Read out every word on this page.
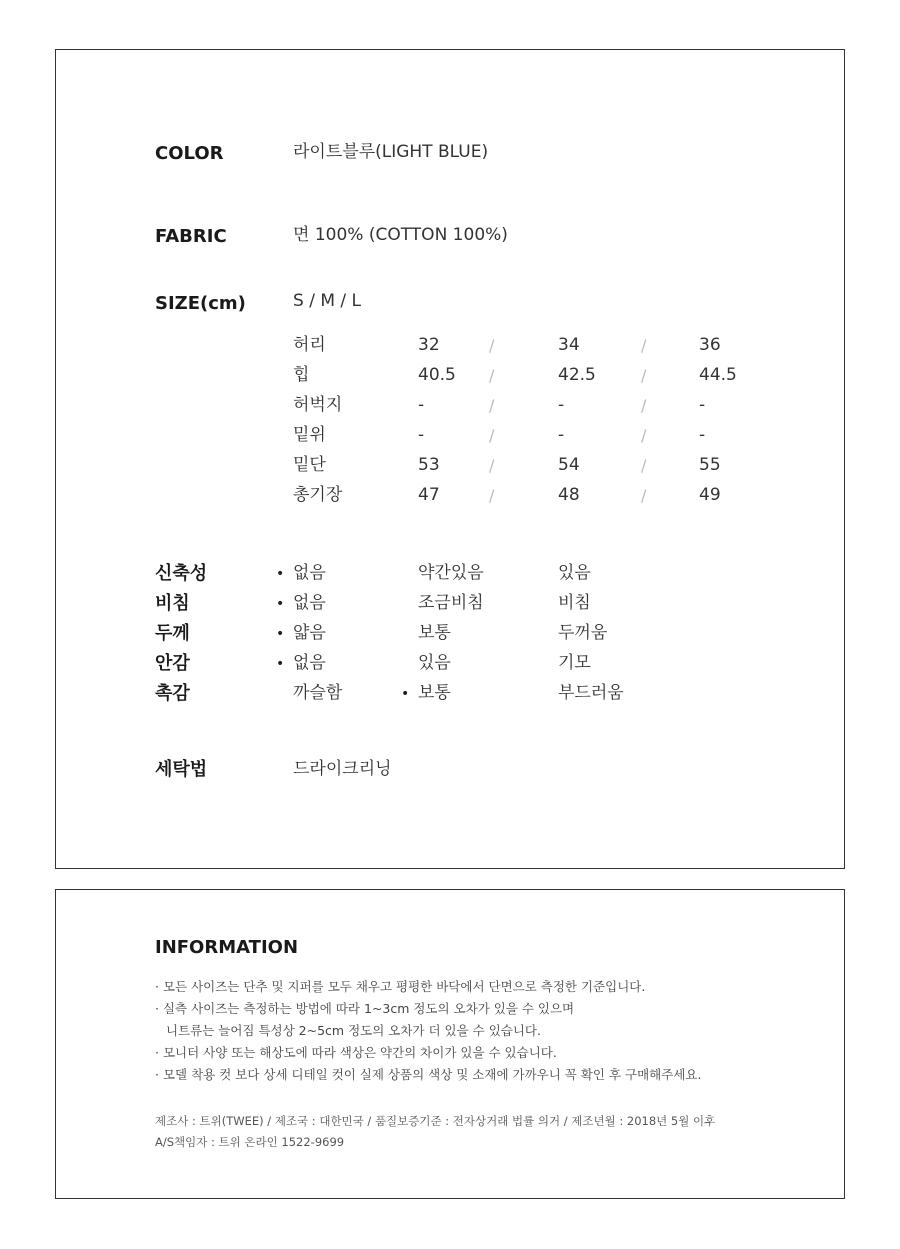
COLOR	라이트블루(LIGHT BLUE)
FABRIC	면 100% (COTTON 100%)
SIZE(cm)	S / M / L
허리	32	/	34	/	36
힙	40.5 /	42.5	/	44.5
허벅지	-	/	-	/	-
밑위	-	/	-	/	-
밑단	53	/	54	/	55
총기장	47	/	48	/	49
신축성	없음	약간있음	있음
•
비침	없음	조금비침	비침
•
두께	얇음	보통	두꺼움
•
안감	없음	있음	기모
•
촉감	까슬함	보통	부드러움
•
세탁법	드라이크리닝
INFORMATION
· 모든 사이즈는 단추 및 지퍼를 모두 채우고 평평한 바닥에서 단면으로 측정한 기준입니다.
· 실측 사이즈는 측정하는 방법에 따라 1~3cm 정도의 오차가 있을 수 있으며
니트류는 늘어짐 특성상 2~5cm 정도의 오차가 더 있을 수 있습니다.
· 모니터 사양 또는 해상도에 따라 색상은 약간의 차이가 있을 수 있습니다.
· 모델 착용 컷 보다 상세 디테일 컷이 실제 상품의 색상 및 소재에 가까우니 꼭 확인 후 구매해주세요.
제조사 : 트위(TWEE) / 제조국 : 대한민국 / 품질보증기준 : 전자상거래 법률 의거 / 제조년월 : 2018년 5월 이후
A/S책임자 : 트위 온라인 1522-9699
